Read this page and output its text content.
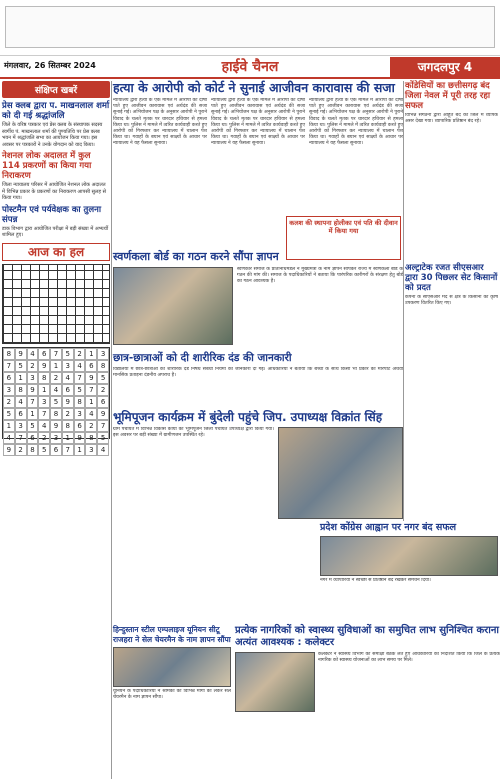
मंगलवार, 26 सितम्बर 2024	हाईवे चैनल	जगदलपुर 4
संक्षिप्त खबरें
प्रेस क्लब द्वारा प. माखनलाल शर्मा को दी गई श्रद्धांजलि
जिले के वरिष्ठ पत्रकार एवं प्रेस क्लब के संस्थापक सदस्य स्वर्गीय पं. माखनलाल शर्मा की पुण्यतिथि पर प्रेस क्लब भवन में श्रद्धांजलि सभा का आयोजन किया गया। इस अवसर पर पत्रकारों ने उनके योगदान को याद किया।
नेशनल लोक अदालत में कुल 114 प्रकरणों का किया गया निराकरण
जिला न्यायालय परिसर में आयोजित नेशनल लोक अदालत में विभिन्न प्रकार के प्रकरणों का निराकरण आपसी सुलह से किया गया।
पोस्टमैन एवं पर्यवेक्षक का तुलना संपन्न
डाक विभाग द्वारा आयोजित परीक्षा में बड़ी संख्या में अभ्यर्थी शामिल हुए।
आज का हल
8	9	4	6	7	5	2	1	3
7	5	2	9	1	3	4	6	8
6	1	3	8	2	4	7	9	5
3	8	9	1	4	6	5	7	2
2	4	7	3	5	9	8	1	6
5	6	1	7	8	2	3	4	9
1	3	5	4	9	8	6	2	7
4	7	6	2	3	1	9	8	5
9	2	8	5	6	7	1	3	4
हत्या के आरोपी को कोर्ट ने सुनाई आजीवन कारावास की सजा
न्यायालय द्वारा हत्या के एक मामले में आरोपी को दोषी पाते हुए आजीवन कारावास एवं अर्थदंड की सजा सुनाई गई। अभियोजन पक्ष के अनुसार आरोपी ने पुराने विवाद के चलते मृतक पर धारदार हथियार से हमला किया था। पुलिस ने मामले में त्वरित कार्यवाही करते हुए आरोपी को गिरफ्तार कर न्यायालय में चालान पेश किया था। गवाहों के बयान एवं साक्ष्यों के आधार पर न्यायालय ने यह फैसला सुनाया।
न्यायालय द्वारा हत्या के एक मामले में आरोपी को दोषी पाते हुए आजीवन कारावास एवं अर्थदंड की सजा सुनाई गई। अभियोजन पक्ष के अनुसार आरोपी ने पुराने विवाद के चलते मृतक पर धारदार हथियार से हमला किया था। पुलिस ने मामले में त्वरित कार्यवाही करते हुए आरोपी को गिरफ्तार कर न्यायालय में चालान पेश किया था। गवाहों के बयान एवं साक्ष्यों के आधार पर न्यायालय ने यह फैसला सुनाया।
न्यायालय द्वारा हत्या के एक मामले में आरोपी को दोषी पाते हुए आजीवन कारावास एवं अर्थदंड की सजा सुनाई गई। अभियोजन पक्ष के अनुसार आरोपी ने पुराने विवाद के चलते मृतक पर धारदार हथियार से हमला किया था। पुलिस ने मामले में त्वरित कार्यवाही करते हुए आरोपी को गिरफ्तार कर न्यायालय में चालान पेश किया था। गवाहों के बयान एवं साक्ष्यों के आधार पर न्यायालय ने यह फैसला सुनाया।
स्वर्णकला बोर्ड का गठन करने सौंपा ज्ञापन
स्वर्णकार समाज के प्रतिनिधिमंडल ने मुख्यमंत्री के नाम ज्ञापन सौंपकर राज्य में स्वर्णकला बोर्ड के गठन की मांग की। समाज के पदाधिकारियों ने बताया कि पारंपरिक कारीगरों के संरक्षण हेतु बोर्ड का गठन आवश्यक है।
छात्र-छात्राओं को दी शारीरिक दंड की जानकारी
विद्यालयों में छात्र-छात्राओं को शारीरिक दंड निषेध संबंधी नियमों की जानकारी दी गई। अधिकारियों ने बताया कि बच्चों के साथ किसी भी प्रकार की मारपीट अथवा मानसिक प्रताड़ना दंडनीय अपराध है।
भूमिपूजन कार्यक्रम में बुंदेली पहुंचे जिप. उपाध्यक्ष विक्रांत सिंह
ग्राम पंचायत में विभिन्न विकास कार्यों का भूमिपूजन जिला पंचायत उपाध्यक्ष द्वारा किया गया। इस अवसर पर बड़ी संख्या में ग्रामीणजन उपस्थित रहे।
कोंडेसियों का छत्तीसगढ़ बंद जिला नेवल में पूरी तरह रहा सफल
विभिन्न संगठनों द्वारा आहूत बंद का जिले में व्यापक असर देखा गया। व्यापारिक प्रतिष्ठान बंद रहे।
अल्ट्राटेक रजत सीएसआर द्वारा 30 पिछलर सेट किसानों को प्रदत
कंपनी के सीएसआर मद से क्षेत्र के किसानों को कृषि उपकरण वितरित किए गए।
कलश की स्थापना होलीका एवं पति की दीवान में किया गया
प्रदेश कोंग्रेस आह्वान पर नगर बंद सफल
नगर में व्यापारियों ने स्वेच्छा से प्रतिष्ठान बंद रखकर समर्थन दिया।
हिन्दुस्तान स्टील एम्पलाइज यूनियन सीटू राजहरा ने सेल चेयरमैन के नाम ज्ञापन सौंपा
यूनियन के पदाधिकारियों ने श्रमिकों की विभिन्न मांगों को लेकर सेल चेयरमैन के नाम ज्ञापन सौंपा।
प्रत्येक नागरिकों को स्वास्थ्य सुविधाओं का समुचित लाभ सुनिश्चित कराना अत्यंत आवश्यक : कलेक्टर
कलेक्टर ने स्वास्थ्य विभाग की समीक्षा बैठक लेते हुए अधिकारियों को निर्देशित किया कि जिले के प्रत्येक नागरिक को स्वास्थ्य योजनाओं का लाभ समय पर मिले।
